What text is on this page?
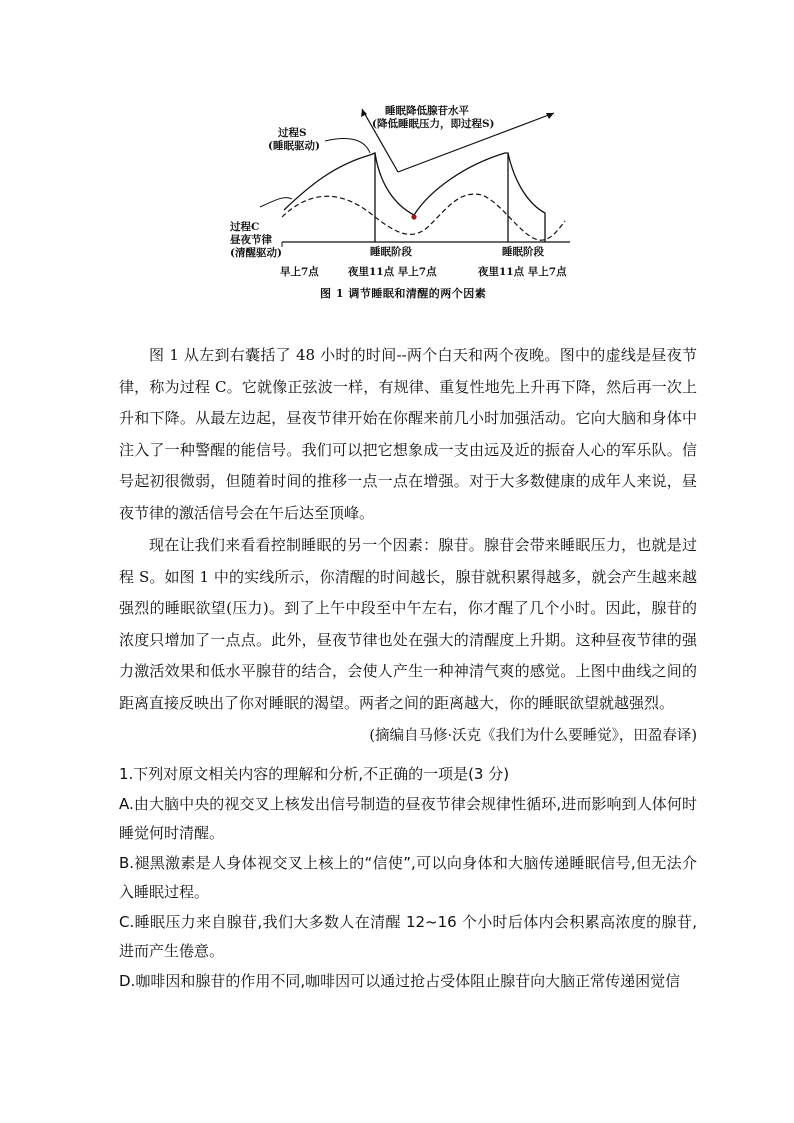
睡眠降低腺苷水平
(降低睡眠压力，即过程S)
过程S
(睡眠驱动)
过程C
昼夜节律
(清醒驱动)	睡眠阶段	睡眠阶段
早上7点	夜里11点 早上7点	夜里11点 早上7点
图 1 调节睡眠和清醒的两个因素

图 1 从左到右囊括了 48 小时的时间--两个白天和两个夜晚。图中的虚线是昼夜节律，称为过程 C。它就像正弦波一样，有规律、重复性地先上升再下降，然后再一次上升和下降。从最左边起，昼夜节律开始在你醒来前几小时加强活动。它向大脑和身体中注入了一种警醒的能信号。我们可以把它想象成一支由远及近的振奋人心的军乐队。信号起初很微弱，但随着时间的推移一点一点在增强。对于大多数健康的成年人来说，昼夜节律的激活信号会在午后达至顶峰。

现在让我们来看看控制睡眠的另一个因素：腺苷。腺苷会带来睡眠压力，也就是过程 S。如图 1 中的实线所示，你清醒的时间越长，腺苷就积累得越多，就会产生越来越强烈的睡眠欲望(压力)。到了上午中段至中午左右，你才醒了几个小时。因此，腺苷的浓度只增加了一点点。此外，昼夜节律也处在强大的清醒度上升期。这种昼夜节律的强力激活效果和低水平腺苷的结合，会使人产生一种神清气爽的感觉。上图中曲线之间的距离直接反映出了你对睡眠的渴望。两者之间的距离越大，你的睡眠欲望就越强烈。

(摘编自马修·沃克《我们为什么要睡觉》，田盈春译)

1.下列对原文相关内容的理解和分析,不正确的一项是(3 分)

A.由大脑中央的视交叉上核发出信号制造的昼夜节律会规律性循环,进而影响到人体何时睡觉何时清醒。

B.褪黑激素是人身体视交叉上核上的“信使”,可以向身体和大脑传递睡眠信号,但无法介入睡眠过程。

C.睡眠压力来自腺苷,我们大多数人在清醒 12~16 个小时后体内会积累高浓度的腺苷,进而产生倦意。

D.咖啡因和腺苷的作用不同,咖啡因可以通过抢占受体阻止腺苷向大脑正常传递困觉信
